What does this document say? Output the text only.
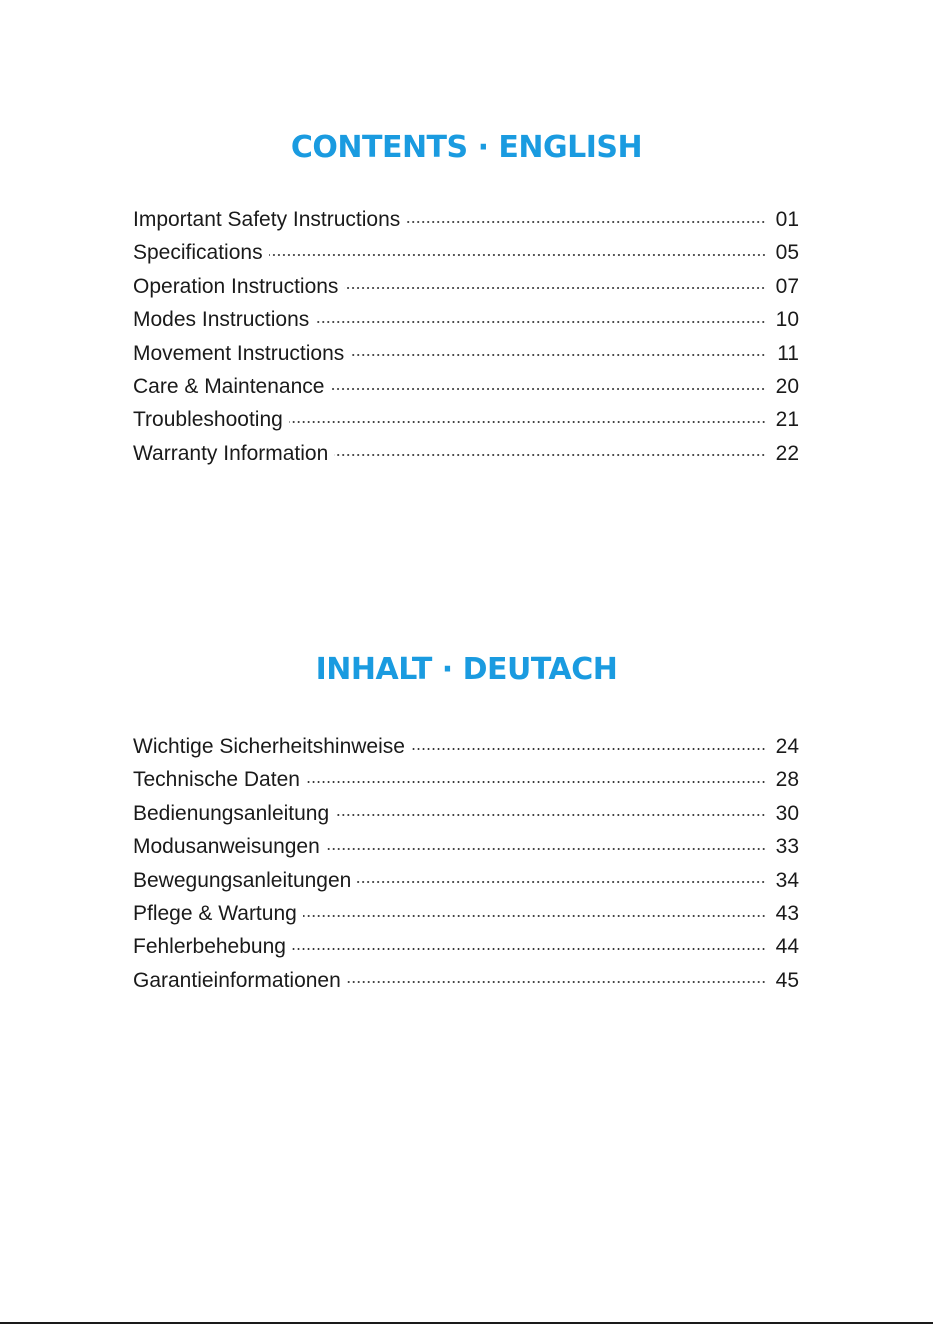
CONTENTS · ENGLISH
Important Safety Instructions	01
Specifications	05
Operation Instructions	07
Modes Instructions	10
Movement Instructions	11
Care & Maintenance	20
Troubleshooting	21
Warranty Information	22
INHALT · DEUTACH
Wichtige Sicherheitshinweise	24
Technische Daten	28
Bedienungsanleitung	30
Modusanweisungen	33
Bewegungsanleitungen	34
Pflege & Wartung	43
Fehlerbehebung	44
Garantieinformationen	45
